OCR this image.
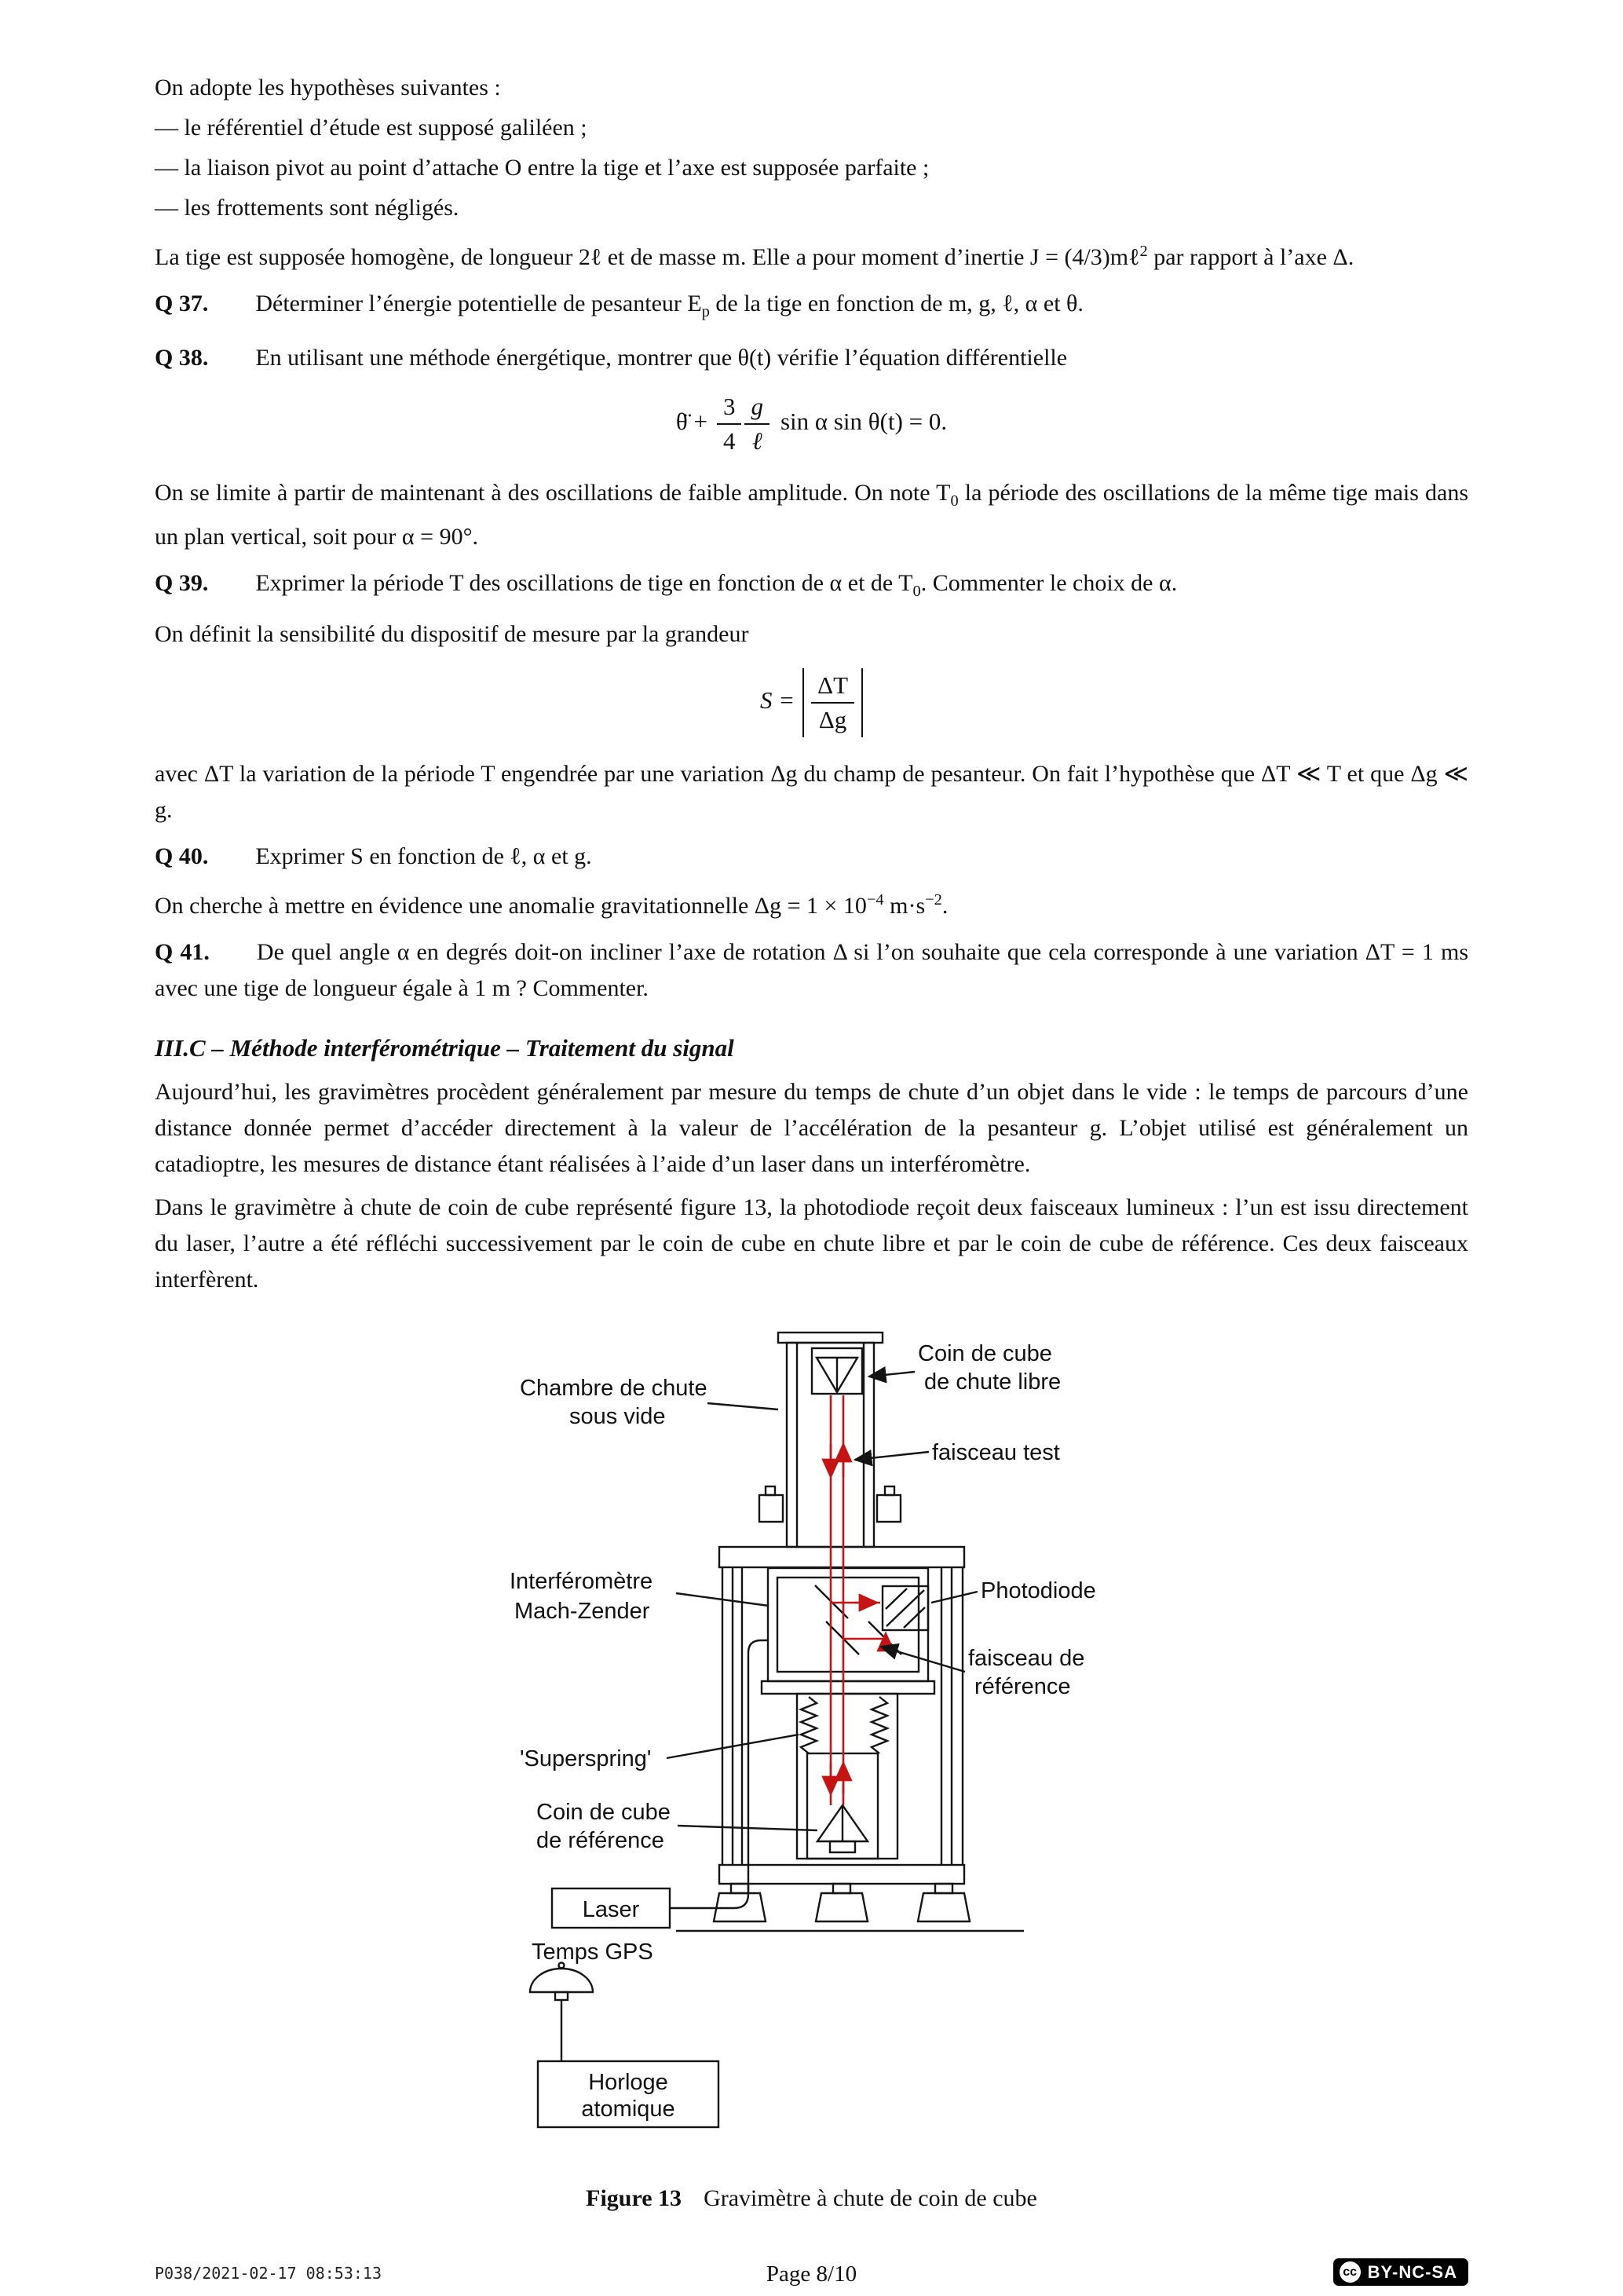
On adopte les hypothèses suivantes :

— le référentiel d’étude est supposé galiléen ;

— la liaison pivot au point d’attache O entre la tige et l’axe est supposée parfaite ;

— les frottements sont négligés.

La tige est supposée homogène, de longueur 2ℓ et de masse m. Elle a pour moment d’inertie J = (4/3)mℓ$^2$ par rapport à l’axe Δ.

Q 37. Déterminer l’énergie potentielle de pesanteur $E_p$ de la tige en fonction de m, g, ℓ, α et θ.

Q 38. En utilisant une méthode énergétique, montrer que θ(t) vérifie l’équation différentielle

θ̈ + $\frac{3}{4} \frac{g}{\text{ℓ}}$ sin α sin θ(t) = 0.

On se limite à partir de maintenant à des oscillations de faible amplitude. On note $T_0$ la période des oscillations de la même tige mais dans un plan vertical, soit pour α = 90°.

Q 39. Exprimer la période T des oscillations de tige en fonction de α et de $T_0$. Commenter le choix de α.

On définit la sensibilité du dispositif de mesure par la grandeur

$S = \frac{\Delta T}{\Delta g}$

avec ΔT la variation de la période T engendrée par une variation Δg du champ de pesanteur. On fait l’hypothèse que ΔT ≪ T et que Δg ≪ g.

Q 40. Exprimer S en fonction de ℓ, α et g.

On cherche à mettre en évidence une anomalie gravitationnelle $\Delta g = 1 \times 10^{-4}$ $m\cdot s^{-2}$.

Q 41. De quel angle α en degrés doit-on incliner l’axe de rotation Δ si l’on souhaite que cela corresponde à une variation ΔT = 1 ms avec une tige de longueur égale à 1 m ? Commenter.

III.C – Méthode interférométrique – Traitement du signal

Aujourd’hui, les gravimètres procèdent généralement par mesure du temps de chute d’un objet dans le vide : le temps de parcours d’une distance donnée permet d’accéder directement à la valeur de l’accélération de la pesanteur g. L’objet utilisé est généralement un catadioptre, les mesures de distance étant réalisées à l’aide d’un laser dans un interféromètre.

Dans le gravimètre à chute de coin de cube représenté figure 13, la photodiode reçoit deux faisceaux lumineux : l’un est issu directement du laser, l’autre a été réfléchi successivement par le coin de cube en chute libre et par le coin de cube de référence. Ces deux faisceaux interfèrent.

Laser
Horloge
atomique
Coin de cube
de chute libre
Chambre de chute
sous vide
faisceau test
Interféromètre
Mach-Zender
Photodiode
faisceau de
référence
'Superspring'
Coin de cube
de référence
Temps GPS
Figure 13 Gravimètre à chute de coin de cube
P038/2021-02-17 08:53:13	Page 8/10	cc BY-NC-SA
